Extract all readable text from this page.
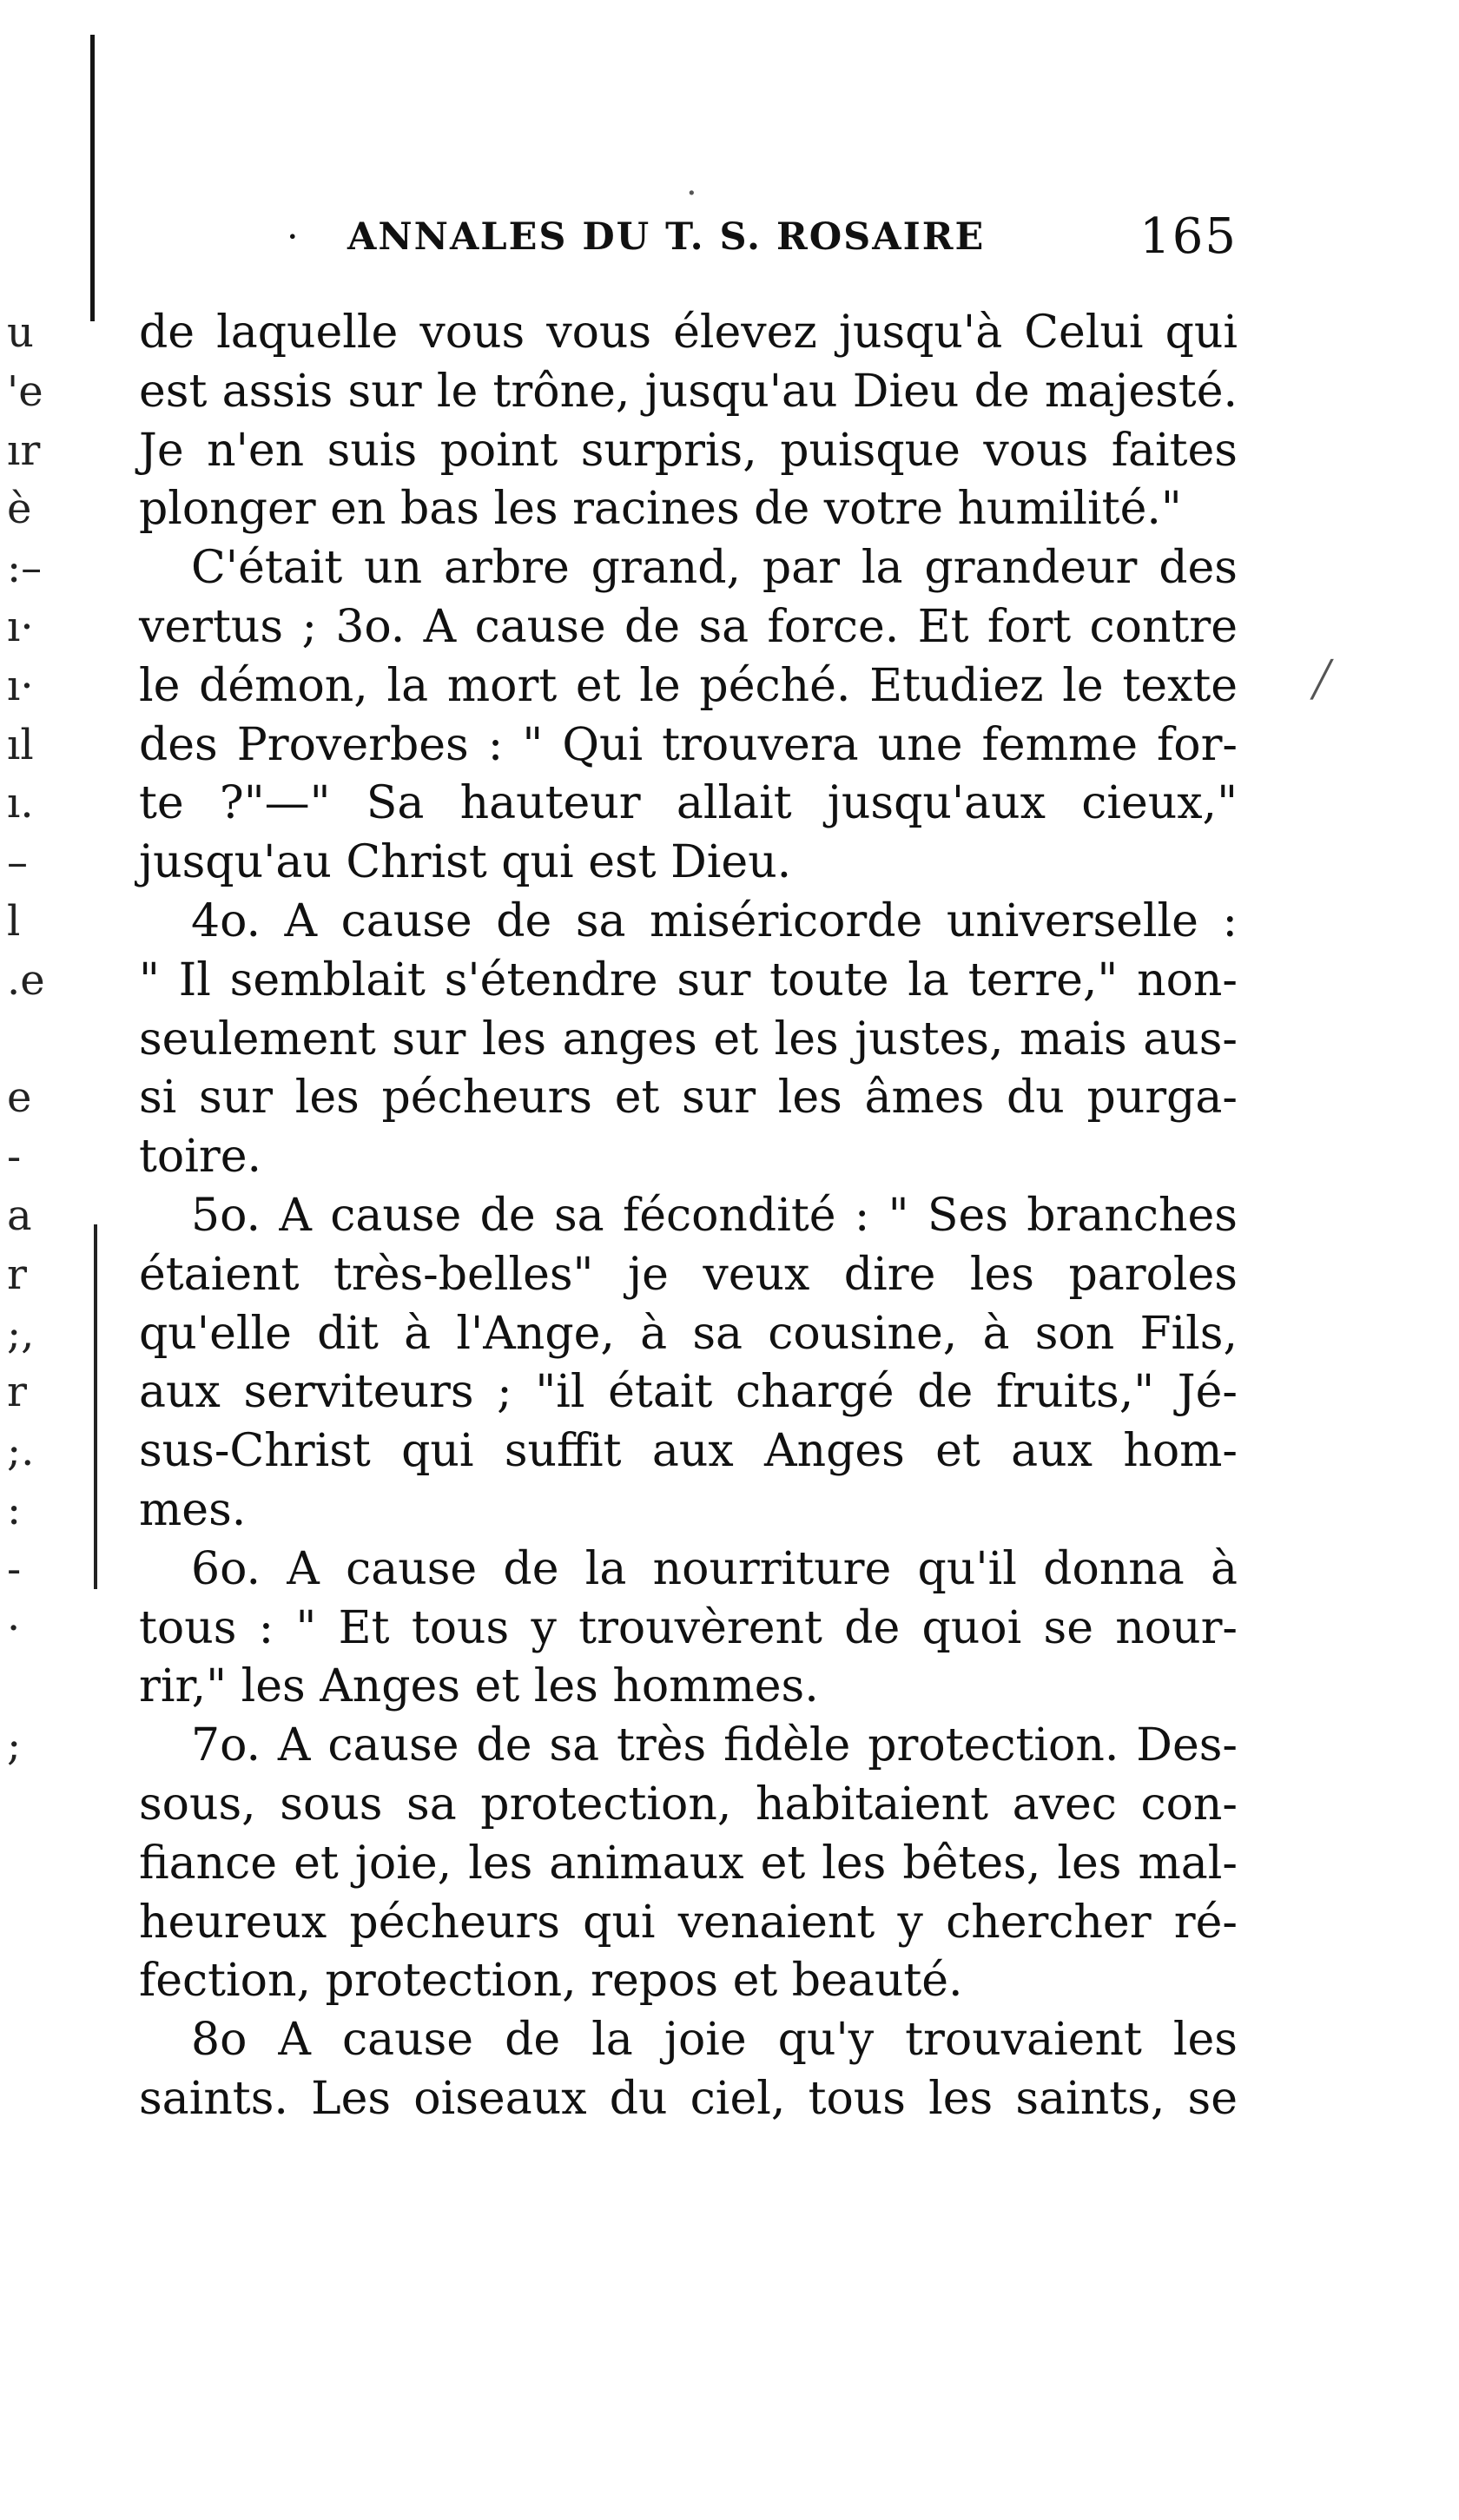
u
'e
ır
è
:–
ı·
ı·
ıl
ı.
–
l
.e
e
-
a
r
;,
r
;.
:
-
·
;
· ANNALES DU T. S. ROSAIRE	165
de laquelle vous vous élevez jusqu'à Celui qui
est assis sur le trône, jusqu'au Dieu de majesté.
Je n'en suis point surpris, puisque vous faites
plonger en bas les racines de votre humilité."
C'était un arbre grand, par la grandeur des
vertus ; 3o. A cause de sa force. Et fort contre
le démon, la mort et le péché. Etudiez le texte
des Proverbes : " Qui trouvera une femme for-
te ?"—" Sa hauteur allait jusqu'aux cieux,"
jusqu'au Christ qui est Dieu.
4o. A cause de sa miséricorde universelle :
" Il semblait s'étendre sur toute la terre," non-
seulement sur les anges et les justes, mais aus-
si sur les pécheurs et sur les âmes du purga-
toire.
5o. A cause de sa fécondité : " Ses branches
étaient très-belles" je veux dire les paroles
qu'elle dit à l'Ange, à sa cousine, à son Fils,
aux serviteurs ; "il était chargé de fruits," Jé-
sus-Christ qui suffit aux Anges et aux hom-
mes.
6o. A cause de la nourriture qu'il donna à
tous : " Et tous y trouvèrent de quoi se nour-
rir," les Anges et les hommes.
7o. A cause de sa très fidèle protection. Des-
sous, sous sa protection, habitaient avec con-
fiance et joie, les animaux et les bêtes, les mal-
heureux pécheurs qui venaient y chercher ré-
fection, protection, repos et beauté.
8o A cause de la joie qu'y trouvaient les
saints. Les oiseaux du ciel, tous les saints, se
·
╱
